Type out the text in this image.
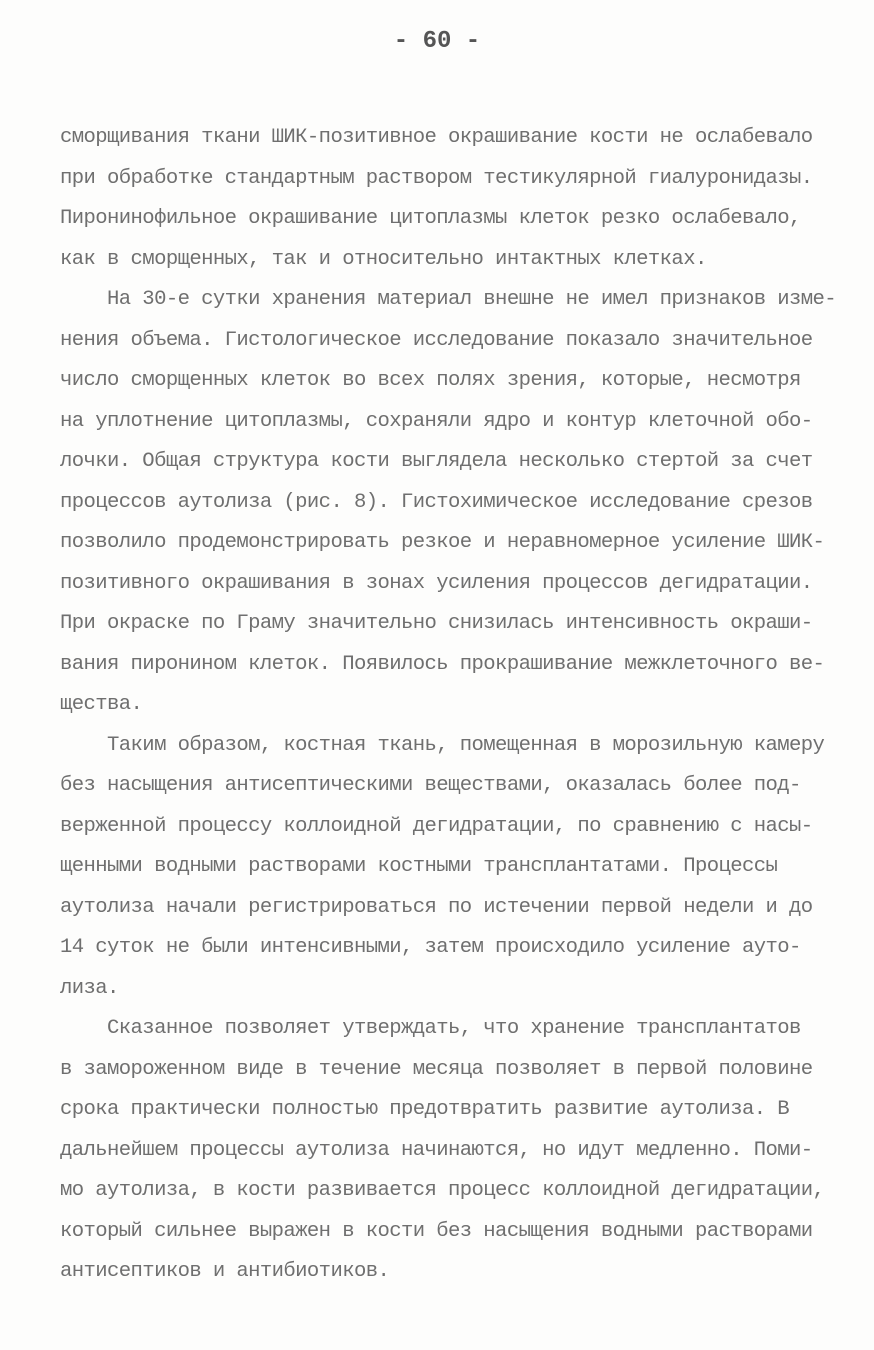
- 60 -
сморщивания ткани ШИК-позитивное окрашивание кости не ослабевало
при обработке стандартным раствором тестикулярной гиалуронидазы.
Пиронинофильное окрашивание цитоплазмы клеток резко ослабевало,
как в сморщенных, так и относительно интактных клетках.
На 30-е сутки хранения материал внешне не имел признаков изме-
нения объема. Гистологическое исследование показало значительное
число сморщенных клеток во всех полях зрения, которые, несмотря
на уплотнение цитоплазмы, сохраняли ядро и контур клеточной обо-
лочки. Общая структура кости выглядела несколько стертой за счет
процессов аутолиза (рис. 8). Гистохимическое исследование срезов
позволило продемонстрировать резкое и неравномерное усиление ШИК-
позитивного окрашивания в зонах усиления процессов дегидратации.
При окраске по Граму значительно снизилась интенсивность окраши-
вания пиронином клеток. Появилось прокрашивание межклеточного ве-
щества.
Таким образом, костная ткань, помещенная в морозильную камеру
без насыщения антисептическими веществами, оказалась более под-
верженной процессу коллоидной дегидратации, по сравнению с насы-
щенными водными растворами костными трансплантатами. Процессы
аутолиза начали регистрироваться по истечении первой недели и до
14 суток не были интенсивными, затем происходило усиление ауто-
лиза.
Сказанное позволяет утверждать, что хранение трансплантатов
в замороженном виде в течение месяца позволяет в первой половине
срока практически полностью предотвратить развитие аутолиза. В
дальнейшем процессы аутолиза начинаются, но идут медленно. Поми-
мо аутолиза, в кости развивается процесс коллоидной дегидратации,
который сильнее выражен в кости без насыщения водными растворами
антисептиков и антибиотиков.
